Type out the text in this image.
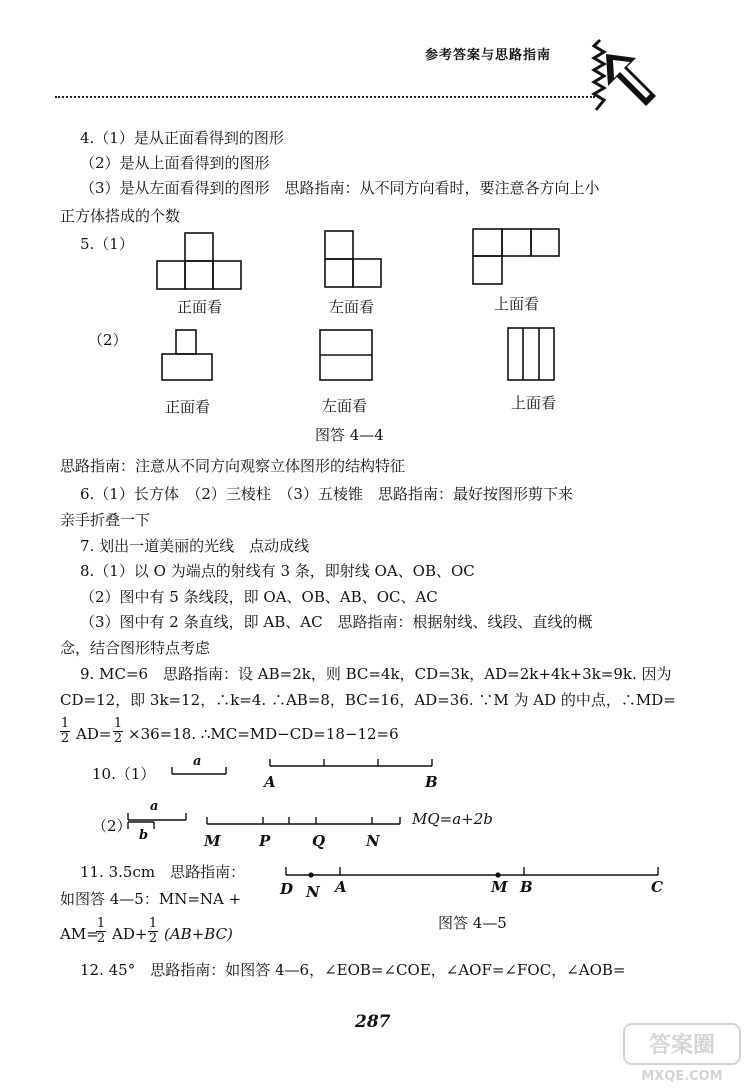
参考答案与思路指南
4.（1）是从正面看得到的图形
（2）是从上面看得到的图形
（3）是从左面看得到的图形　思路指南：从不同方向看时，要注意各方向上小
正方体搭成的个数
5.（1）
正面看	左面看	上面看
（2）
正面看	左面看	上面看
图答 4—4
思路指南：注意从不同方向观察立体图形的结构特征
6.（1）长方体　（2）三棱柱　（3）五棱锥　思路指南：最好按图形剪下来
亲手折叠一下
7. 划出一道美丽的光线　点动成线
8.（1）以 O 为端点的射线有 3 条，即射线 OA、OB、OC
（2）图中有 5 条线段，即 OA、OB、AB、OC、AC
（3）图中有 2 条直线，即 AB、AC　思路指南：根据射线、线段、直线的概
念，结合图形特点考虑
9. MC=6　思路指南：设 AB=2k，则 BC=4k，CD=3k，AD=2k+4k+3k=9k. 因为
CD=12，即 3k=12，∴k=4. ∴AB=8，BC=16，AD=36. ∵M 为 AD 的中点，∴MD=
1
2 AD=
1
2 ×36=18. ∴MC=MD−CD=18−12=6
10.（1）
a
A	B
（2）
a
b	M	P	Q	N
MQ=a+2b
11. 3.5cm　思路指南：
如图答 4—5：MN=NA +
AM=
1
2 AD+
1
2 (AB+BC)
D N A	M B	C
图答 4—5
12. 45°　思路指南：如图答 4—6，∠EOB=∠COE，∠AOF=∠FOC，∠AOB=
287
答案圈
MXQE.COM
